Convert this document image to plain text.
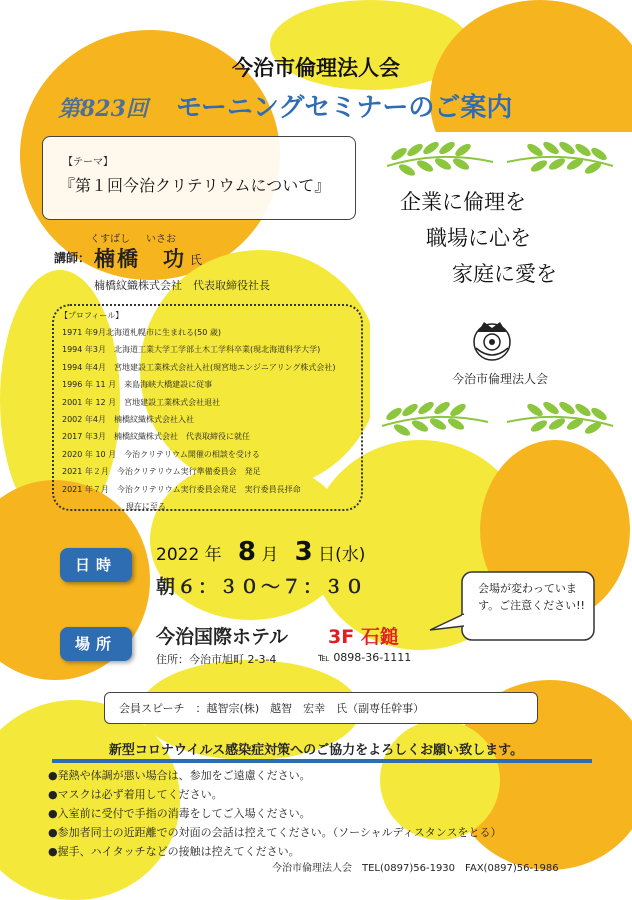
今治市倫理法人会
第823回 モーニングセミナーのご案内
【テーマ】
『第１回今治クリテリウムについて』
企業に倫理を
職場に心を
家庭に愛を
くすばし いさお
講師： 楠橋　功 氏
楠橋紋織株式会社　代表取締役社長
【プロフィール】
1971 年9月北海道札幌市に生まれる(50 歳)
1994 年3月　北海道工業大学工学部土木工学科卒業(現北海道科学大学)
1994 年4月　宮地建設工業株式会社入社(現宮地エンジニアリング株式会社)
1996 年 11 月　来島海峡大橋建設に従事
2001 年 12 月　宮地建設工業株式会社退社
2002 年4月　楠橋紋織株式会社入社
2017 年3月　楠橋紋織株式会社　代表取締役に就任
2020 年 10 月　今治クリテリウム開催の相談を受ける
2021 年２月　今治クリテリウム実行準備委員会　発足
2021 年７月　今治クリテリウム実行委員会発足　実行委員長拝命
　　　　　　　　現在に至る
今治市倫理法人会
日時	2022 年 8 月 3 日(水)
朝６：３０～７：３０
場所	今治国際ホテル 3F 石鎚
住所：今治市旭町 2-3-4	℡ 0898-36-1111
会場が変わっています。ご注意ください!!
会員スピーチ　：越智宗(株)　越智　宏幸　氏（副専任幹事）
新型コロナウイルス感染症対策へのご協力をよろしくお願い致します。
●発熱や体調が悪い場合は、参加をご遠慮ください。
●マスクは必ず着用してください。
●入室前に受付で手指の消毒をしてご入場ください。
●参加者同士の近距離での対面の会話は控えてください。（ソーシャルディスタンスをとる）
●握手、ハイタッチなどの接触は控えてください。
今治市倫理法人会　TEL(0897)56-1930　FAX(0897)56-1986
